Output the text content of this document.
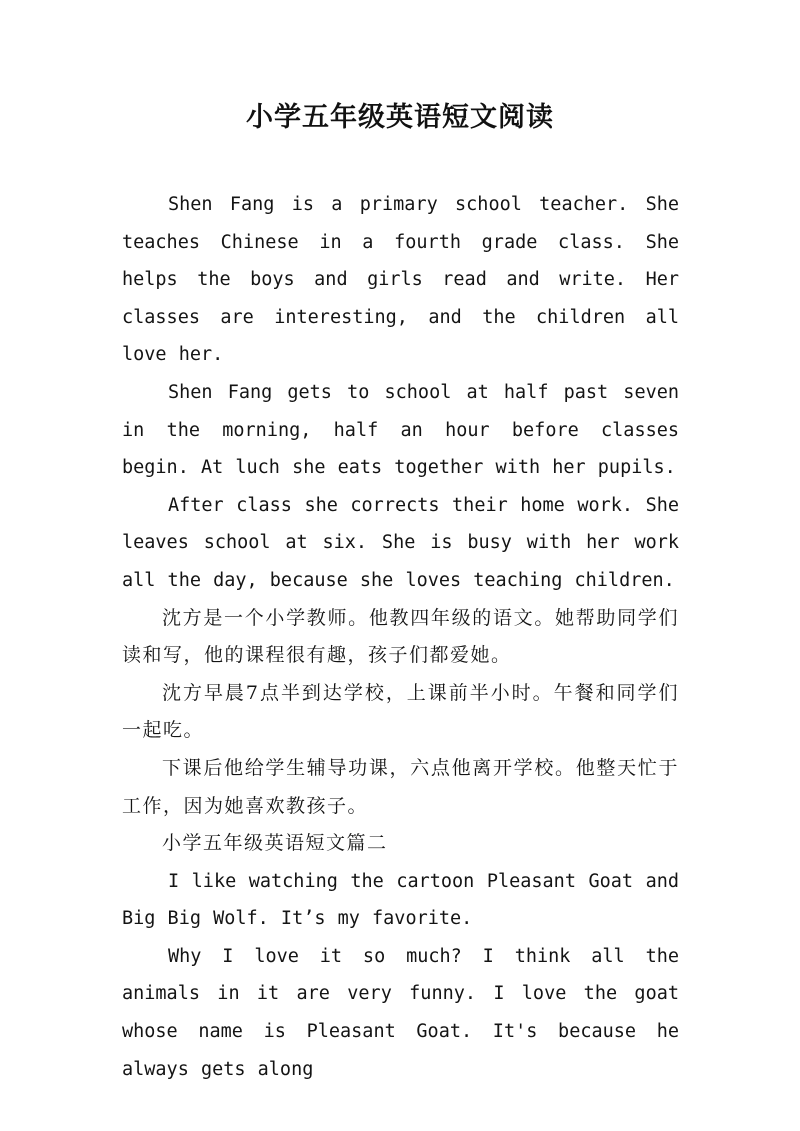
小学五年级英语短文阅读

Shen Fang is a primary school teacher. She teaches Chinese in a fourth grade class. She helps the boys and girls read and write. Her classes are interesting, and the children all love her.

Shen Fang gets to school at half past seven in the morning, half an hour before classes begin. At luch she eats together with her pupils.

After class she corrects their home work. She leaves school at six. She is busy with her work all the day, because she loves teaching children.

沈方是一个小学教师。他教四年级的语文。她帮助同学们读和写，他的课程很有趣，孩子们都爱她。

沈方早晨7点半到达学校，上课前半小时。午餐和同学们一起吃。

下课后他给学生辅导功课，六点他离开学校。他整天忙于工作，因为她喜欢教孩子。

小学五年级英语短文篇二

I like watching the cartoon Pleasant Goat and Big Big Wolf. It’s my favorite.

Why I love it so much? I think all the animals in it are very funny. I love the goat whose name is Pleasant Goat. It's because he always gets along
